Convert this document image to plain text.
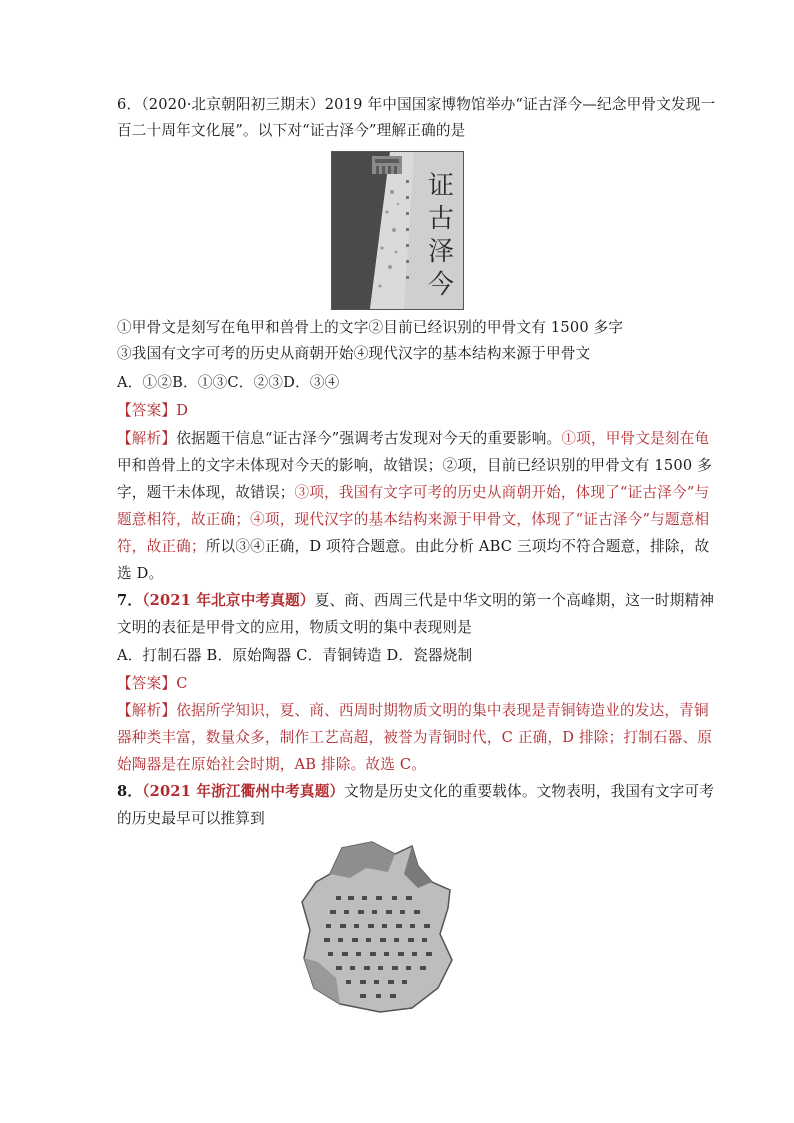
6．（2020·北京朝阳初三期末）2019 年中国国家博物馆举办“证古泽今—纪念甲骨文发现一
百二十周年文化展”。以下对“证古泽今”理解正确的是
证
古
泽
今
①甲骨文是刻写在龟甲和兽骨上的文字②目前已经识别的甲骨文有 1500 多字
③我国有文字可考的历史从商朝开始④现代汉字的基本结构来源于甲骨文
A．①②B．①③C．②③D．③④
【答案】D
【解析】依据题干信息“证古泽今”强调考古发现对今天的重要影响。①项，甲骨文是刻在龟
甲和兽骨上的文字未体现对今天的影响，故错误；②项，目前已经识别的甲骨文有 1500 多
字，题干未体现，故错误；③项，我国有文字可考的历史从商朝开始，体现了“证古泽今”与
题意相符，故正确；④项，现代汉字的基本结构来源于甲骨文，体现了“证古泽今”与题意相
符，故正确；所以③④正确，D 项符合题意。由此分析 ABC 三项均不符合题意，排除，故
选 D。
7．（2021 年北京中考真题）夏、商、西周三代是中华文明的第一个高峰期，这一时期精神
文明的表征是甲骨文的应用，物质文明的集中表现则是
A．打制石器 B．原始陶器 C．青铜铸造 D．瓷器烧制
【答案】C
【解析】依据所学知识，夏、商、西周时期物质文明的集中表现是青铜铸造业的发达，青铜
器种类丰富，数量众多，制作工艺高超，被誉为青铜时代，C 正确，D 排除；打制石器、原
始陶器是在原始社会时期，AB 排除。故选 C。
8．（2021 年浙江衢州中考真题）文物是历史文化的重要载体。文物表明，我国有文字可考
的历史最早可以推算到
